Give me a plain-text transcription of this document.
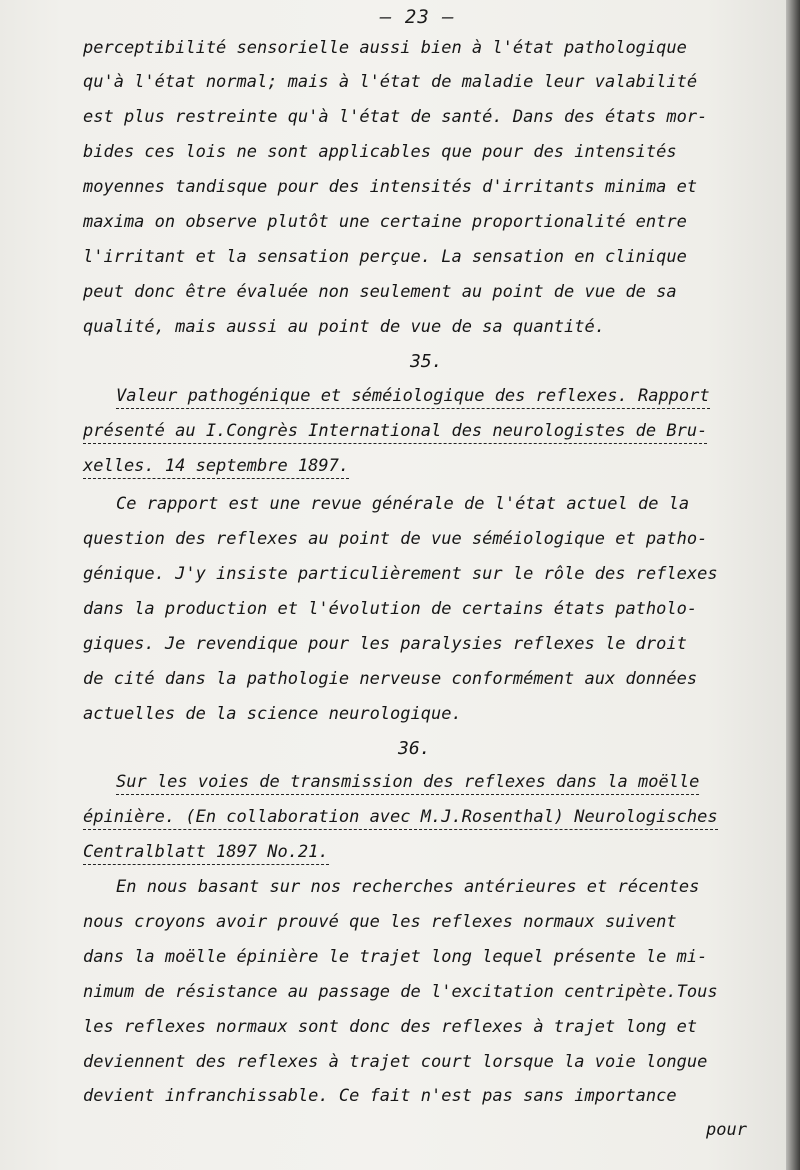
— 23 —
perceptibilité sensorielle aussi bien à l'état pathologique
qu'à l'état normal; mais à l'état de maladie leur valabilité
est plus restreinte qu'à l'état de santé. Dans des états mor-
bides ces lois ne sont applicables que pour des intensités
moyennes tandisque pour des intensités d'irritants minima et
maxima on observe plutôt une certaine proportionalité entre
l'irritant et la sensation perçue. La sensation en clinique
peut donc être évaluée non seulement au point de vue de sa
qualité, mais aussi au point de vue de sa quantité.
35.
Valeur pathogénique et séméiologique des reflexes. Rapport
présenté au I.Congrès International des neurologistes de Bru-
xelles. 14 septembre 1897.
Ce rapport est une revue générale de l'état actuel de la
question des reflexes au point de vue séméiologique et patho-
génique. J'y insiste particulièrement sur le rôle des reflexes
dans la production et l'évolution de certains états patholo-
giques. Je revendique pour les paralysies reflexes le droit
de cité dans la pathologie nerveuse conformément aux données
actuelles de la science neurologique.
36.
Sur les voies de transmission des reflexes dans la moëlle
épinière. (En collaboration avec M.J.Rosenthal) Neurologisches
Centralblatt 1897 No.21.
En nous basant sur nos recherches antérieures et récentes
nous croyons avoir prouvé que les reflexes normaux suivent
dans la moëlle épinière le trajet long lequel présente le mi-
nimum de résistance au passage de l'excitation centripète.Tous
les reflexes normaux sont donc des reflexes à trajet long et
deviennent des reflexes à trajet court lorsque la voie longue
devient infranchissable. Ce fait n'est pas sans importance
pour
